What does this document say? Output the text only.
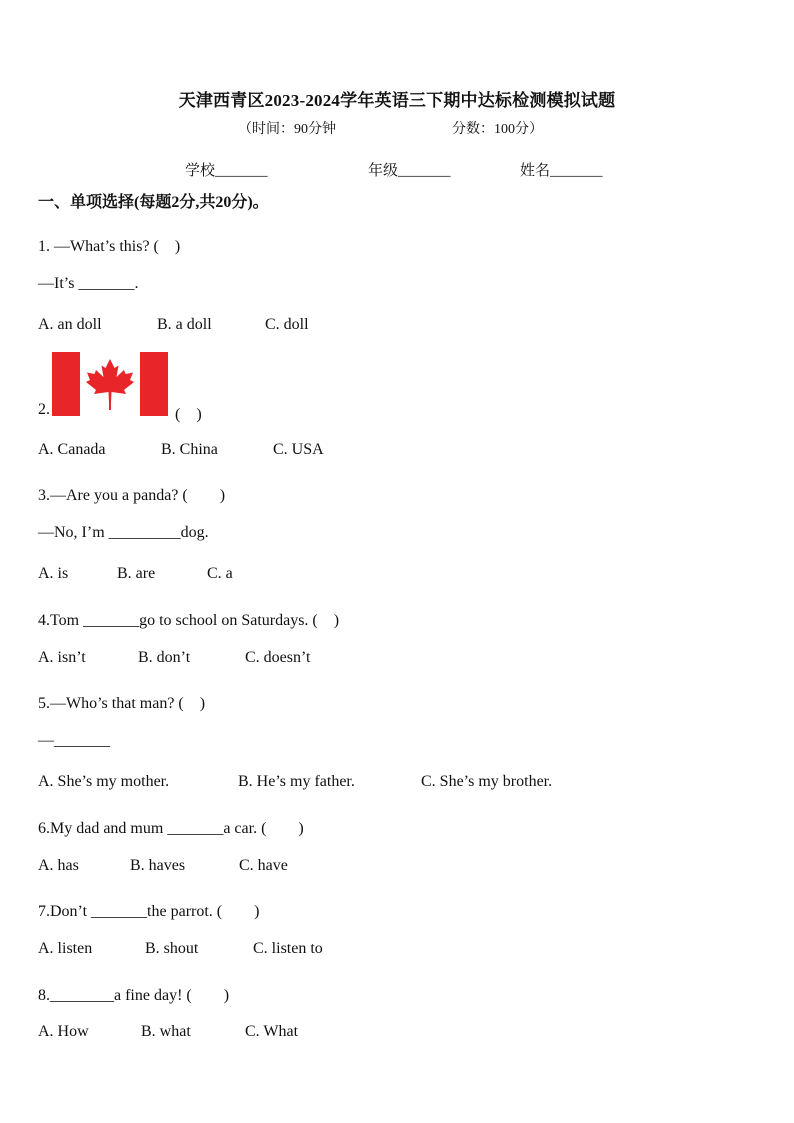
天津西青区2023-2024学年英语三下期中达标检测模拟试题
（时间：90分钟	分数：100分）
学校_______	年级_______	姓名_______
一、单项选择(每题2分,共20分)。
1. —What’s this? (　)
—It’s _______.
A. an doll	B. a doll	C. doll
2.	(　)
A. Canada	B. China	C. USA
3.—Are you a panda? (　　)
—No, I’m _________dog.
A. is	B. are	C. a
4.Tom _______go to school on Saturdays. (　)
A. isn’t	B. don’t	C. doesn’t
5.—Who’s that man? (　)
—_______
A. She’s my mother.	B. He’s my father.	C. She’s my brother.
6.My dad and mum _______a car. (　　)
A. has	B. haves	C. have
7.Don’t _______the parrot. (　　)
A. listen	B. shout	C. listen to
8.________a fine day! (　　)
A. How	B. what	C. What
